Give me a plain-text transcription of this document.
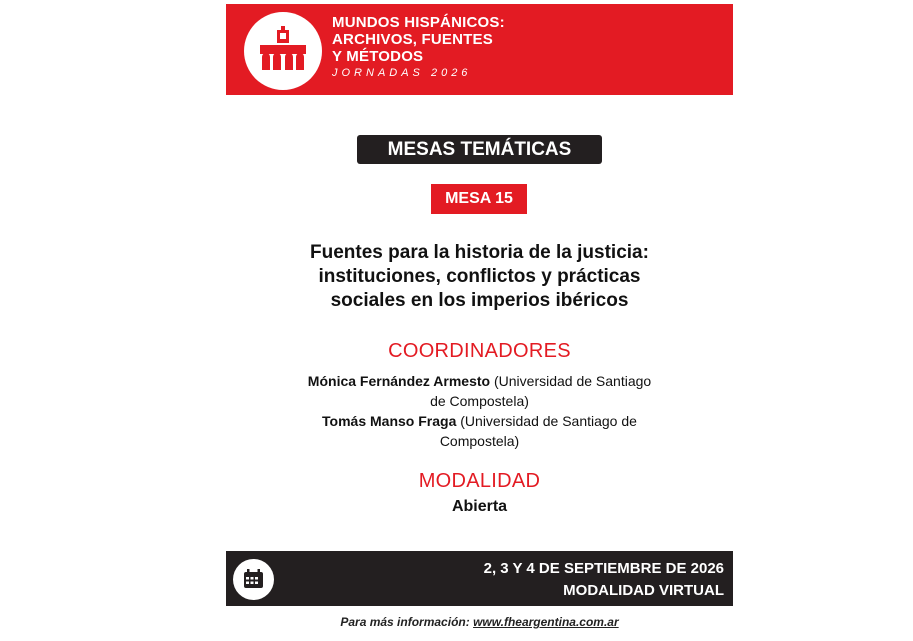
MUNDOS HISPÁNICOS:
ARCHIVOS, FUENTES
Y MÉTODOS
JORNADAS 2026
MESAS TEMÁTICAS
MESA 15
Fuentes para la historia de la justicia:
instituciones, conflictos y prácticas
sociales en los imperios ibéricos
COORDINADORES
Mónica Fernández Armesto (Universidad de Santiago
de Compostela)
Tomás Manso Fraga (Universidad de Santiago de
Compostela)
MODALIDAD
Abierta
2, 3 Y 4 DE SEPTIEMBRE DE 2026
MODALIDAD VIRTUAL
Para más información: www.fheargentina.com.ar
